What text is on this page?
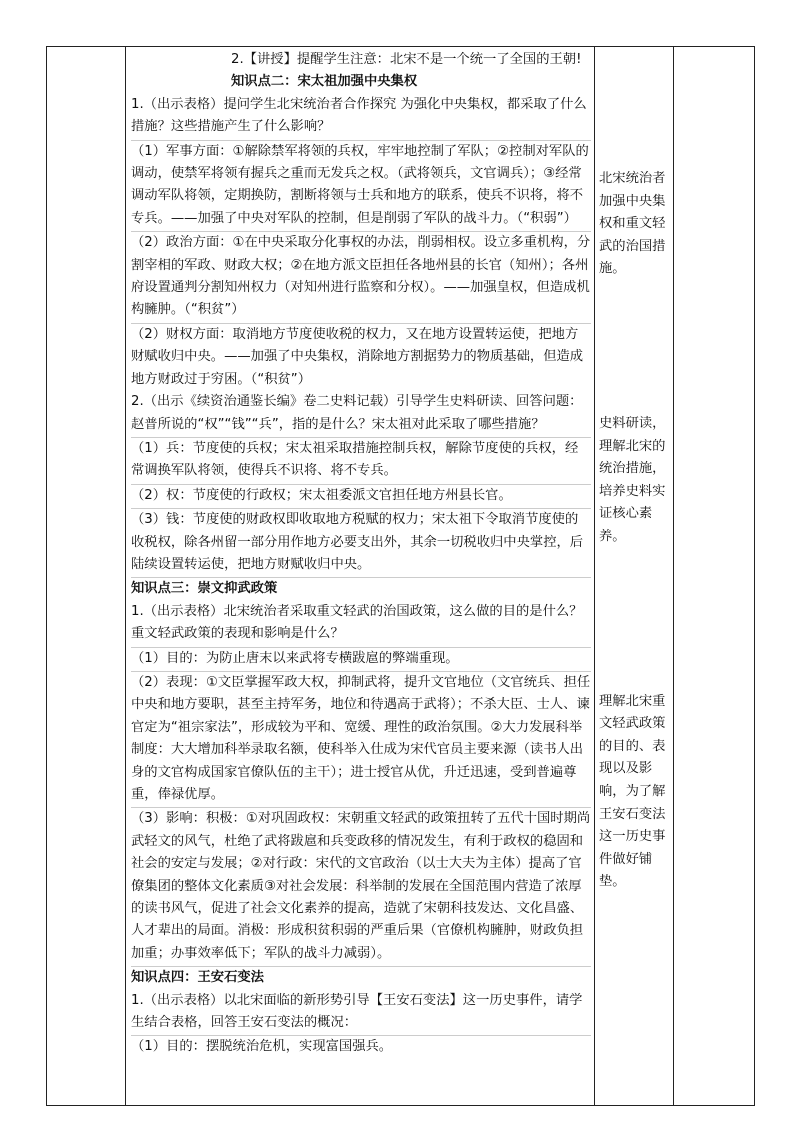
2.【讲授】提醒学生注意：北宋不是一个统一了全国的王朝!

知识点二：宋太祖加强中央集权

1.（出示表格）提问学生北宋统治者合作探究 为强化中央集权，都采取了什么措施？这些措施产生了什么影响？

（1）军事方面：①解除禁军将领的兵权，牢牢地控制了军队；②控制对军队的调动，使禁军将领有握兵之重而无发兵之权。（武将领兵，文官调兵）；③经常调动军队将领，定期换防，割断将领与士兵和地方的联系，使兵不识将，将不专兵。——加强了中央对军队的控制，但是削弱了军队的战斗力。（“积弱”）

（2）政治方面：①在中央采取分化事权的办法，削弱相权。设立多重机构，分割宰相的军政、财政大权；②在地方派文臣担任各地州县的长官（知州）；各州府设置通判分割知州权力（对知州进行监察和分权）。——加强皇权，但造成机构臃肿。（“积贫”）

（2）财权方面：取消地方节度使收税的权力，又在地方设置转运使，把地方财赋收归中央。——加强了中央集权，消除地方割据势力的物质基础，但造成地方财政过于穷困。（“积贫”）

2.（出示《续资治通鉴长编》卷二史料记载）引导学生史料研读、回答问题：赵普所说的“权”“钱”“兵”，指的是什么？宋太祖对此采取了哪些措施？

（1）兵：节度使的兵权；宋太祖采取措施控制兵权，解除节度使的兵权，经常调换军队将领，使得兵不识将、将不专兵。

（2）权：节度使的行政权；宋太祖委派文官担任地方州县长官。

（3）钱：节度使的财政权即收取地方税赋的权力；宋太祖下令取消节度使的收税权，除各州留一部分用作地方必要支出外，其余一切税收归中央掌控，后陆续设置转运使，把地方财赋收归中央。

知识点三：崇文抑武政策

1.（出示表格）北宋统治者采取重文轻武的治国政策，这么做的目的是什么？重文轻武政策的表现和影响是什么？

（1）目的：为防止唐末以来武将专横跋扈的弊端重现。

（2）表现：①文臣掌握军政大权，抑制武将，提升文官地位（文官统兵、担任中央和地方要职，甚至主持军务，地位和待遇高于武将）；不杀大臣、士人、谏官定为“祖宗家法”，形成较为平和、宽缓、理性的政治氛围。②大力发展科举制度：大大增加科举录取名额，使科举入仕成为宋代官员主要来源（读书人出身的文官构成国家官僚队伍的主干）；进士授官从优，升迁迅速，受到普遍尊重，俸禄优厚。

（3）影响：积极：①对巩固政权：宋朝重文轻武的政策扭转了五代十国时期尚武轻文的风气，杜绝了武将跋扈和兵变政移的情况发生，有利于政权的稳固和社会的安定与发展；②对行政：宋代的文官政治（以士大夫为主体）提高了官僚集团的整体文化素质③对社会发展：科举制的发展在全国范围内营造了浓厚的读书风气，促进了社会文化素养的提高，造就了宋朝科技发达、文化昌盛、人才辈出的局面。消极：形成积贫积弱的严重后果（官僚机构臃肿，财政负担加重；办事效率低下；军队的战斗力减弱）。

知识点四：王安石变法

1.（出示表格）以北宋面临的新形势引导【王安石变法】这一历史事件，请学生结合表格，回答王安石变法的概况：

（1）目的：摆脱统治危机，实现富国强兵。

北宋统治者加强中央集权和重文轻武的治国措施。

史料研读，理解北宋的统治措施，培养史料实证核心素养。

理解北宋重文轻武政策的目的、表现以及影响，为了解王安石变法这一历史事件做好铺垫。
